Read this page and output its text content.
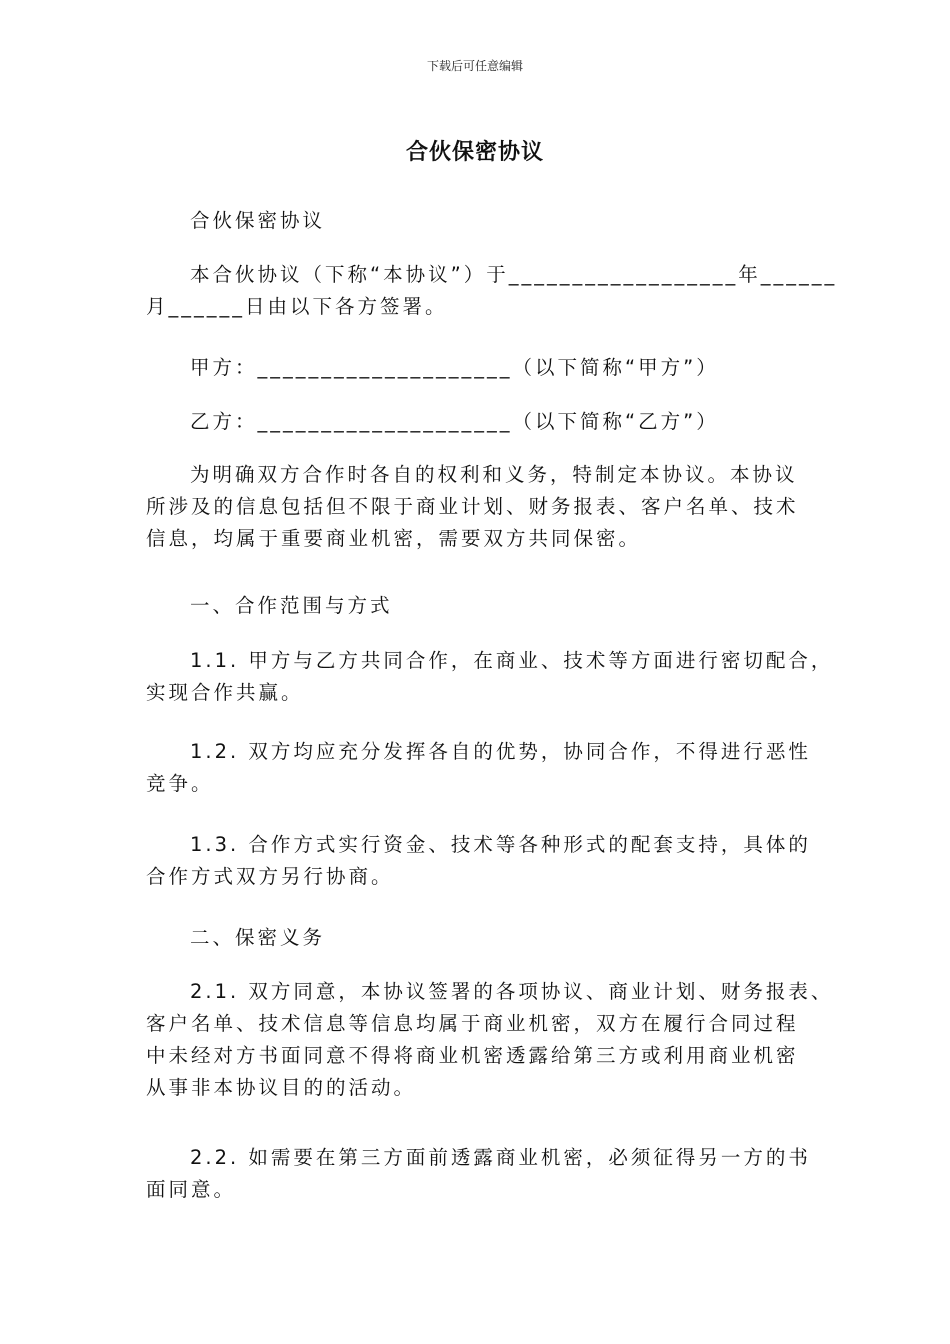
下载后可任意编辑
合伙保密协议
合伙保密协议
本合伙协议（下称“本协议”）于__________________年______
月______日由以下各方签署。
甲方：____________________（以下简称“甲方”）
乙方：____________________（以下简称“乙方”）
为明确双方合作时各自的权利和义务，特制定本协议。本协议
所涉及的信息包括但不限于商业计划、财务报表、客户名单、技术
信息，均属于重要商业机密，需要双方共同保密。
一、合作范围与方式
1.1. 甲方与乙方共同合作，在商业、技术等方面进行密切配合，
实现合作共赢。
1.2. 双方均应充分发挥各自的优势，协同合作，不得进行恶性
竞争。
1.3. 合作方式实行资金、技术等各种形式的配套支持，具体的
合作方式双方另行协商。
二、保密义务
2.1. 双方同意，本协议签署的各项协议、商业计划、财务报表、
客户名单、技术信息等信息均属于商业机密，双方在履行合同过程
中未经对方书面同意不得将商业机密透露给第三方或利用商业机密
从事非本协议目的的活动。
2.2. 如需要在第三方面前透露商业机密，必须征得另一方的书
面同意。
